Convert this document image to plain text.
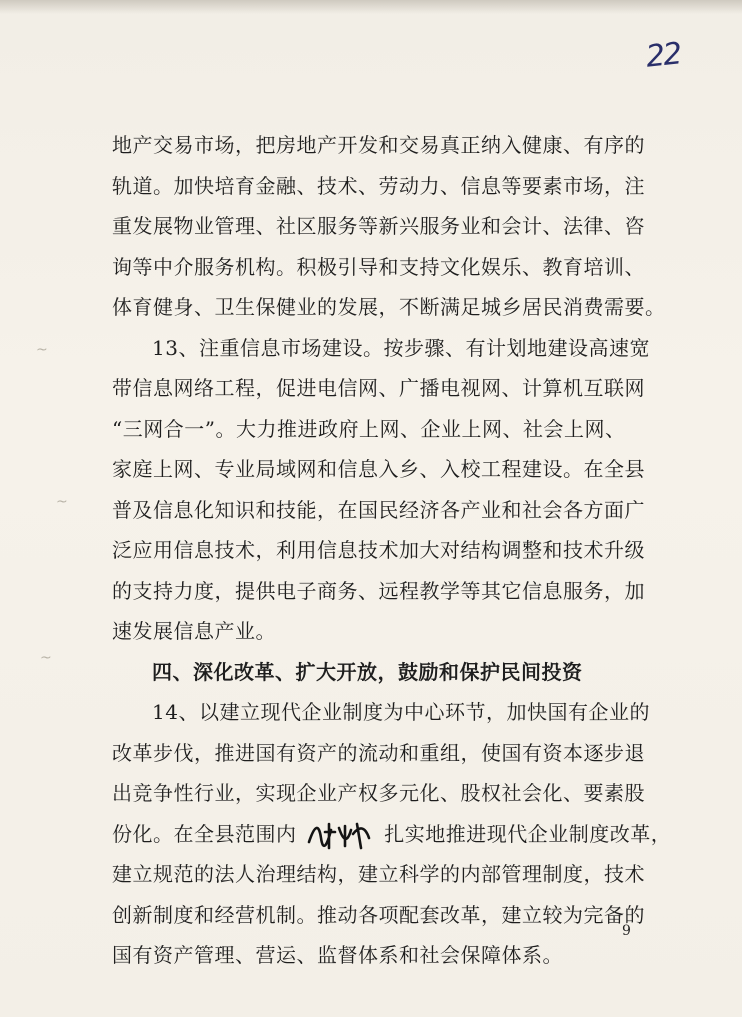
22
~
~
~
地产交易市场，把房地产开发和交易真正纳入健康、有序的
轨道。加快培育金融、技术、劳动力、信息等要素市场，注
重发展物业管理、社区服务等新兴服务业和会计、法律、咨
询等中介服务机构。积极引导和支持文化娱乐、教育培训、
体育健身、卫生保健业的发展，不断满足城乡居民消费需要。
13、注重信息市场建设。按步骤、有计划地建设高速宽
带信息网络工程，促进电信网、广播电视网、计算机互联网
“三网合一”。大力推进政府上网、企业上网、社会上网、
家庭上网、专业局域网和信息入乡、入校工程建设。在全县
普及信息化知识和技能，在国民经济各产业和社会各方面广
泛应用信息技术，利用信息技术加大对结构调整和技术升级
的支持力度，提供电子商务、远程教学等其它信息服务，加
速发展信息产业。
四、深化改革、扩大开放，鼓励和保护民间投资
14、以建立现代企业制度为中心环节，加快国有企业的
改革步伐，推进国有资产的流动和重组，使国有资本逐步退
出竞争性行业，实现企业产权多元化、股权社会化、要素股
份化。在全县范围内	扎实地推进现代企业制度改革，
建立规范的法人治理结构，建立科学的内部管理制度，技术
创新制度和经营机制。推动各项配套改革，建立较为完备的
国有资产管理、营运、监督体系和社会保障体系。
9
